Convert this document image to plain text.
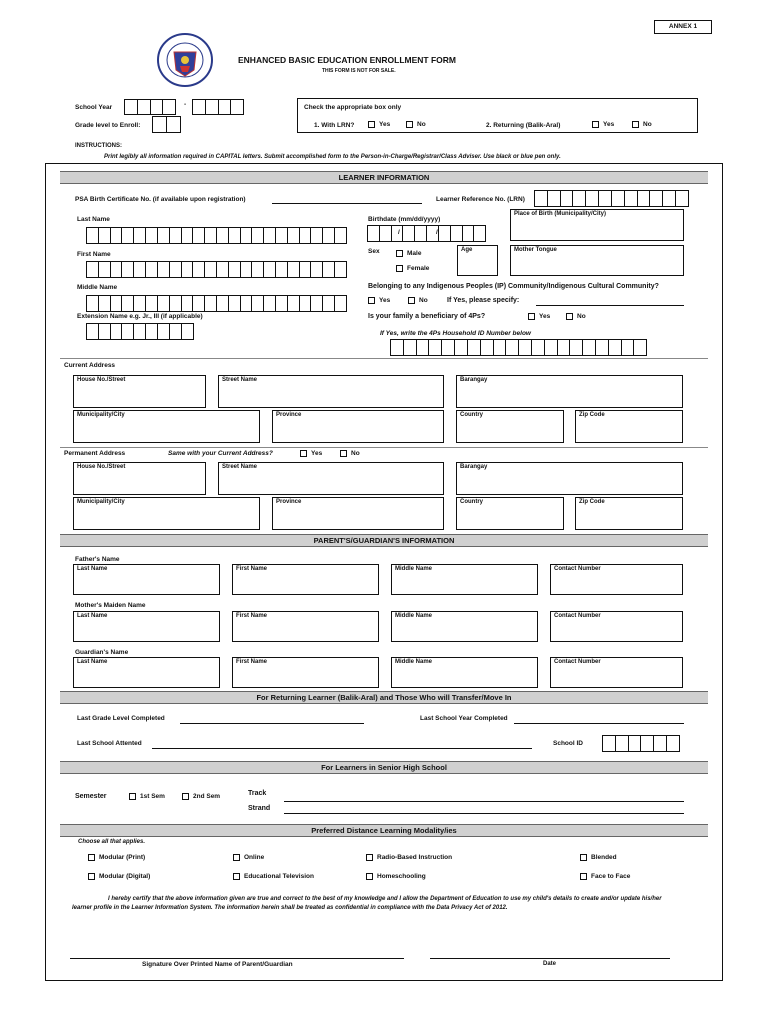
ANNEX 1
ENHANCED BASIC EDUCATION ENROLLMENT FORM
THIS FORM IS NOT FOR SALE.
School Year	-
Grade level to Enroll:
Check the appropriate box only
1. With LRN?	Yes	No	2. Returning (Balik-Aral)	Yes	No
INSTRUCTIONS:
Print legibly all information required in CAPITAL letters. Submit accomplished form to the Person-in-Charge/Registrar/Class Adviser. Use black or blue pen only.
LEARNER INFORMATION
PSA Birth Certificate No. (if available upon registration)	Learner Reference No. (LRN)
Last Name	Birthdate (mm/dd/yyyy)
/	/
Place of Birth (Municipality/City)
First Name	Sex	Male
Female
Age	Mother Tongue
Middle Name	Belonging to any Indigenous Peoples (IP) Community/Indigenous Cultural Community?
Yes	No	If Yes, please specify:
Extension Name e.g. Jr., III (if applicable)	Is your family a beneficiary of 4Ps?	Yes	No
If Yes, write the 4Ps Household ID Number below
Current Address
House No./Street	Street Name	Barangay
Municipality/City	Province	Country	Zip Code
Permanent Address	Same with your Current Address?	Yes	No
House No./Street	Street Name	Barangay
Municipality/City	Province	Country	Zip Code
PARENT'S/GUARDIAN'S INFORMATION
Father's Name
Last Name	First Name	Middle Name	Contact Number
Mother's Maiden Name
Last Name	First Name	Middle Name	Contact Number
Guardian's Name
Last Name	First Name	Middle Name	Contact Number
For Returning Learner (Balik-Aral) and Those Who will Transfer/Move In
Last Grade Level Completed	Last School Year Completed
Last School Attented	School ID
For Learners in Senior High School
Semester	1st Sem	2nd Sem	Track
Strand
Preferred Distance Learning Modality/ies
Choose all that applies.
Modular (Print)	Online	Radio-Based Instruction	Blended
Modular (Digital)	Educational Television	Homeschooling	Face to Face
I hereby certify that the above information given are true and correct to the best of my knowledge and I allow the Department of Education to use my child's details to create and/or update his/her learner profile in the Learner Information System. The information herein shall be treated as confidential in compliance with the Data Privacy Act of 2012.
Signature Over Printed Name of Parent/Guardian	Date
